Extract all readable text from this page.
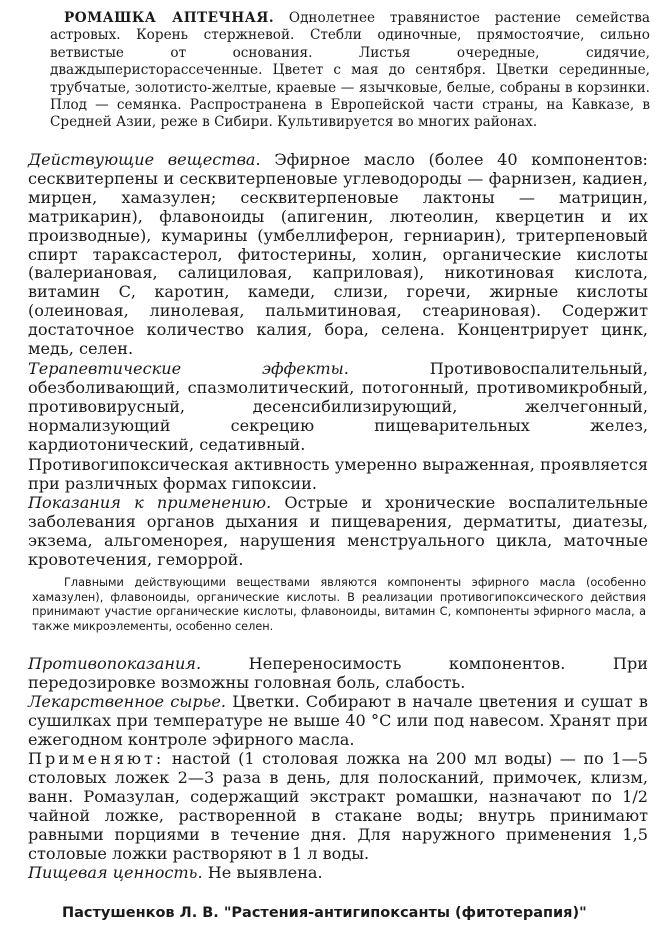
РОМАШКА АПТЕЧНАЯ. Однолетнее травянистое растение семейства астровых. Корень стержневой. Стебли одиночные, прямостоячие, сильно ветвистые от основания. Листья очередные, сидячие, дваждыперисторассеченные. Цветет с мая до сентября. Цветки серединные, трубчатые, золотисто-желтые, краевые — язычковые, белые, собраны в корзинки. Плод — семянка. Распространена в Европейской части страны, на Кавказе, в Средней Азии, реже в Сибири. Культивируется во многих районах.

Действующие вещества. Эфирное масло (более 40 компонентов: сесквитерпены и сесквитерпеновые углеводороды — фарнизен, кадиен, мирцен, хамазулен; сесквитерпеновые лактоны — матрицин, матрикарин), флавоноиды (апигенин, лютеолин, кверцетин и их производные), кумарины (умбеллиферон, герниарин), тритерпеновый спирт тараксастерол, фитостерины, холин, органические кислоты (валериановая, салициловая, каприловая), никотиновая кислота, витамин С, каротин, камеди, слизи, горечи, жирные кислоты (олеиновая, линолевая, пальмитиновая, стеариновая). Содержит достаточное количество калия, бора, селена. Концентрирует цинк, медь, селен.

Терапевтические эффекты.	Противовоспалительный, обезболивающий, спазмолитический, потогонный, противомикробный, противовирусный, десенсибилизирующий, желчегонный, нормализующий секрецию пищеварительных желез, кардиотонический, седативный.

Противогипоксическая активность умеренно выраженная, проявляется при различных формах гипоксии.

Показания к применению. Острые и хронические воспалительные заболевания органов дыхания и пищеварения, дерматиты, диатезы, экзема, альгоменорея, нарушения менструального цикла, маточные кровотечения, геморрой.

Главными действующими веществами являются компоненты эфирного масла (особенно хамазулен), флавоноиды, органические кислоты. В реализации противогипоксического действия принимают участие органические кислоты, флавоноиды, витамин С, компоненты эфирного масла, а также микроэлементы, особенно селен.

Противопоказания.	Непереносимость компонентов. При передозировке возможны головная боль, слабость.

Лекарственное сырье. Цветки. Собирают в начале цветения и сушат в сушилках при температуре не выше 40 °С или под навесом. Хранят при ежегодном контроле эфирного масла.

Применяют: настой (1 столовая ложка на 200 мл воды) — по 1—5 столовых ложек 2—3 раза в день, для полосканий, примочек, клизм, ванн. Ромазулан, содержащий экстракт ромашки, назначают по 1/2 чайной ложке, растворенной в стакане воды; внутрь принимают равными порциями в течение дня. Для наружного применения 1,5 столовые ложки растворяют в 1 л воды.

Пищевая ценность. Не выявлена.

Пастушенков Л. В. "Растения-антигипоксанты (фитотерапия)"
